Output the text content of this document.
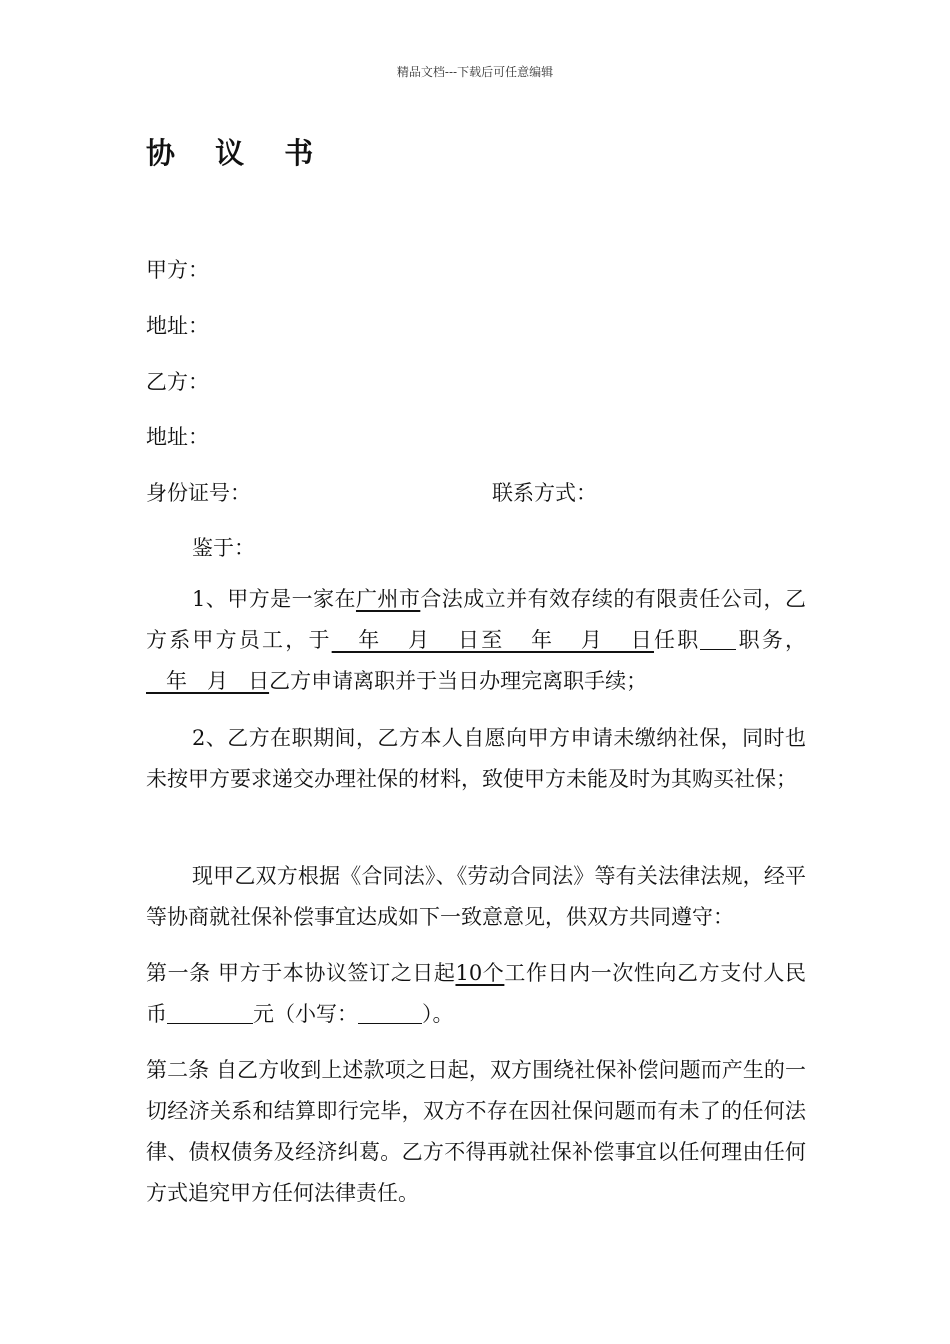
精品文档---下载后可任意编辑
协 议 书
甲方：
地址：
乙方：
地址：
身份证号：	联系方式：
鉴于：
1、甲方是一家在广州市合法成立并有效存续的有限责任公司，乙方系甲方员工，于   年   月   日至   年   月   日任职 职务，   年   月   日乙方申请离职并于当日办理完离职手续；
2、乙方在职期间，乙方本人自愿向甲方申请未缴纳社保，同时也未按甲方要求递交办理社保的材料，致使甲方未能及时为其购买社保；
现甲乙双方根据《合同法》、《劳动合同法》等有关法律法规，经平等协商就社保补偿事宜达成如下一致意意见，供双方共同遵守：
第一条 甲方于本协议签订之日起10个工作日内一次性向乙方支付人民币	元（小写：	）。
第二条 自乙方收到上述款项之日起，双方围绕社保补偿问题而产生的一切经济关系和结算即行完毕，双方不存在因社保问题而有未了的任何法律、债权债务及经济纠葛。乙方不得再就社保补偿事宜以任何理由任何方式追究甲方任何法律责任。
